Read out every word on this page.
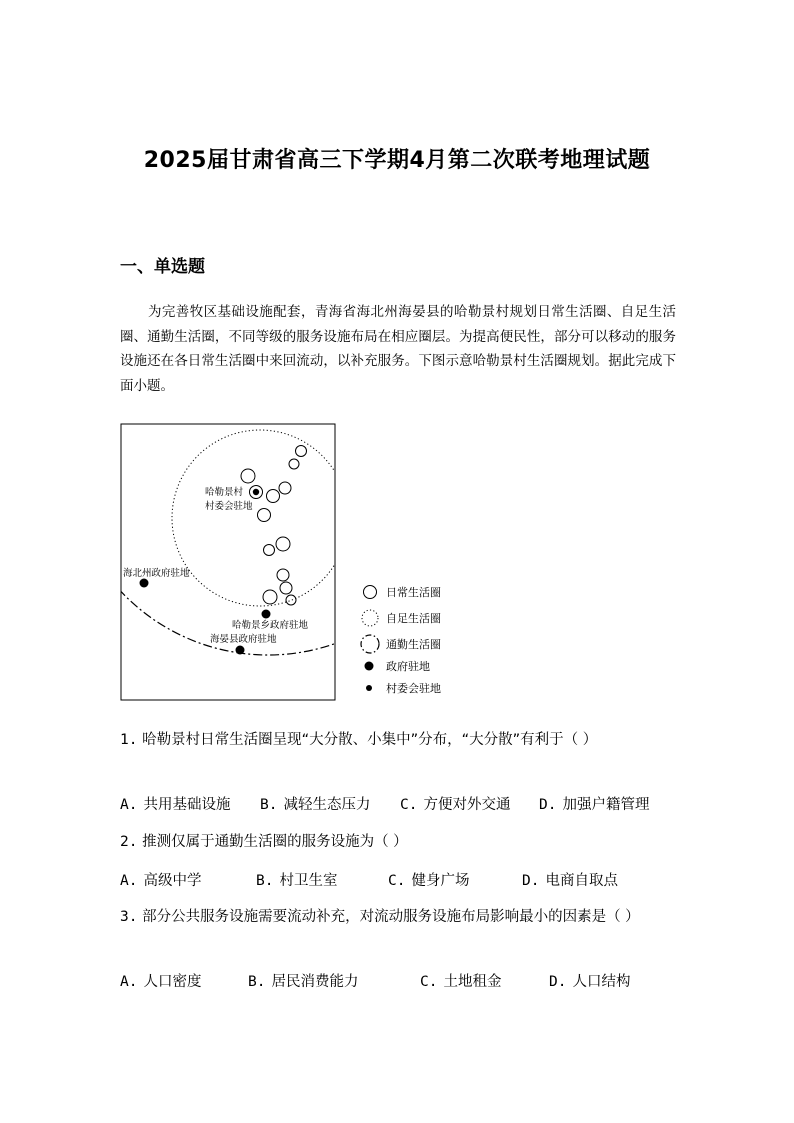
2025届甘肃省高三下学期4月第二次联考地理试题
一、单选题
为完善牧区基础设施配套，青海省海北州海晏县的哈勒景村规划日常生活圈、自足生活圈、通勤生活圈，不同等级的服务设施布局在相应圈层。为提高便民性，部分可以移动的服务设施还在各日常生活圈中来回流动，以补充服务。下图示意哈勒景村生活圈规划。据此完成下面小题。
哈勒景村
村委会驻地
海北州政府驻地
哈勒景乡政府驻地
海晏县政府驻地
日常生活圈
自足生活圈
通勤生活圈
政府驻地
村委会驻地
1. 哈勒景村日常生活圈呈现“大分散、小集中”分布，“大分散”有利于（ ）
A. 共用基础设施 B. 减轻生态压力 C. 方便对外交通 D. 加强户籍管理
2. 推测仅属于通勤生活圈的服务设施为（ ）
A. 高级中学	B. 村卫生室	C. 健身广场	D. 电商自取点
3. 部分公共服务设施需要流动补充，对流动服务设施布局影响最小的因素是（ ）
A. 人口密度	B. 居民消费能力	C. 土地租金	D. 人口结构
